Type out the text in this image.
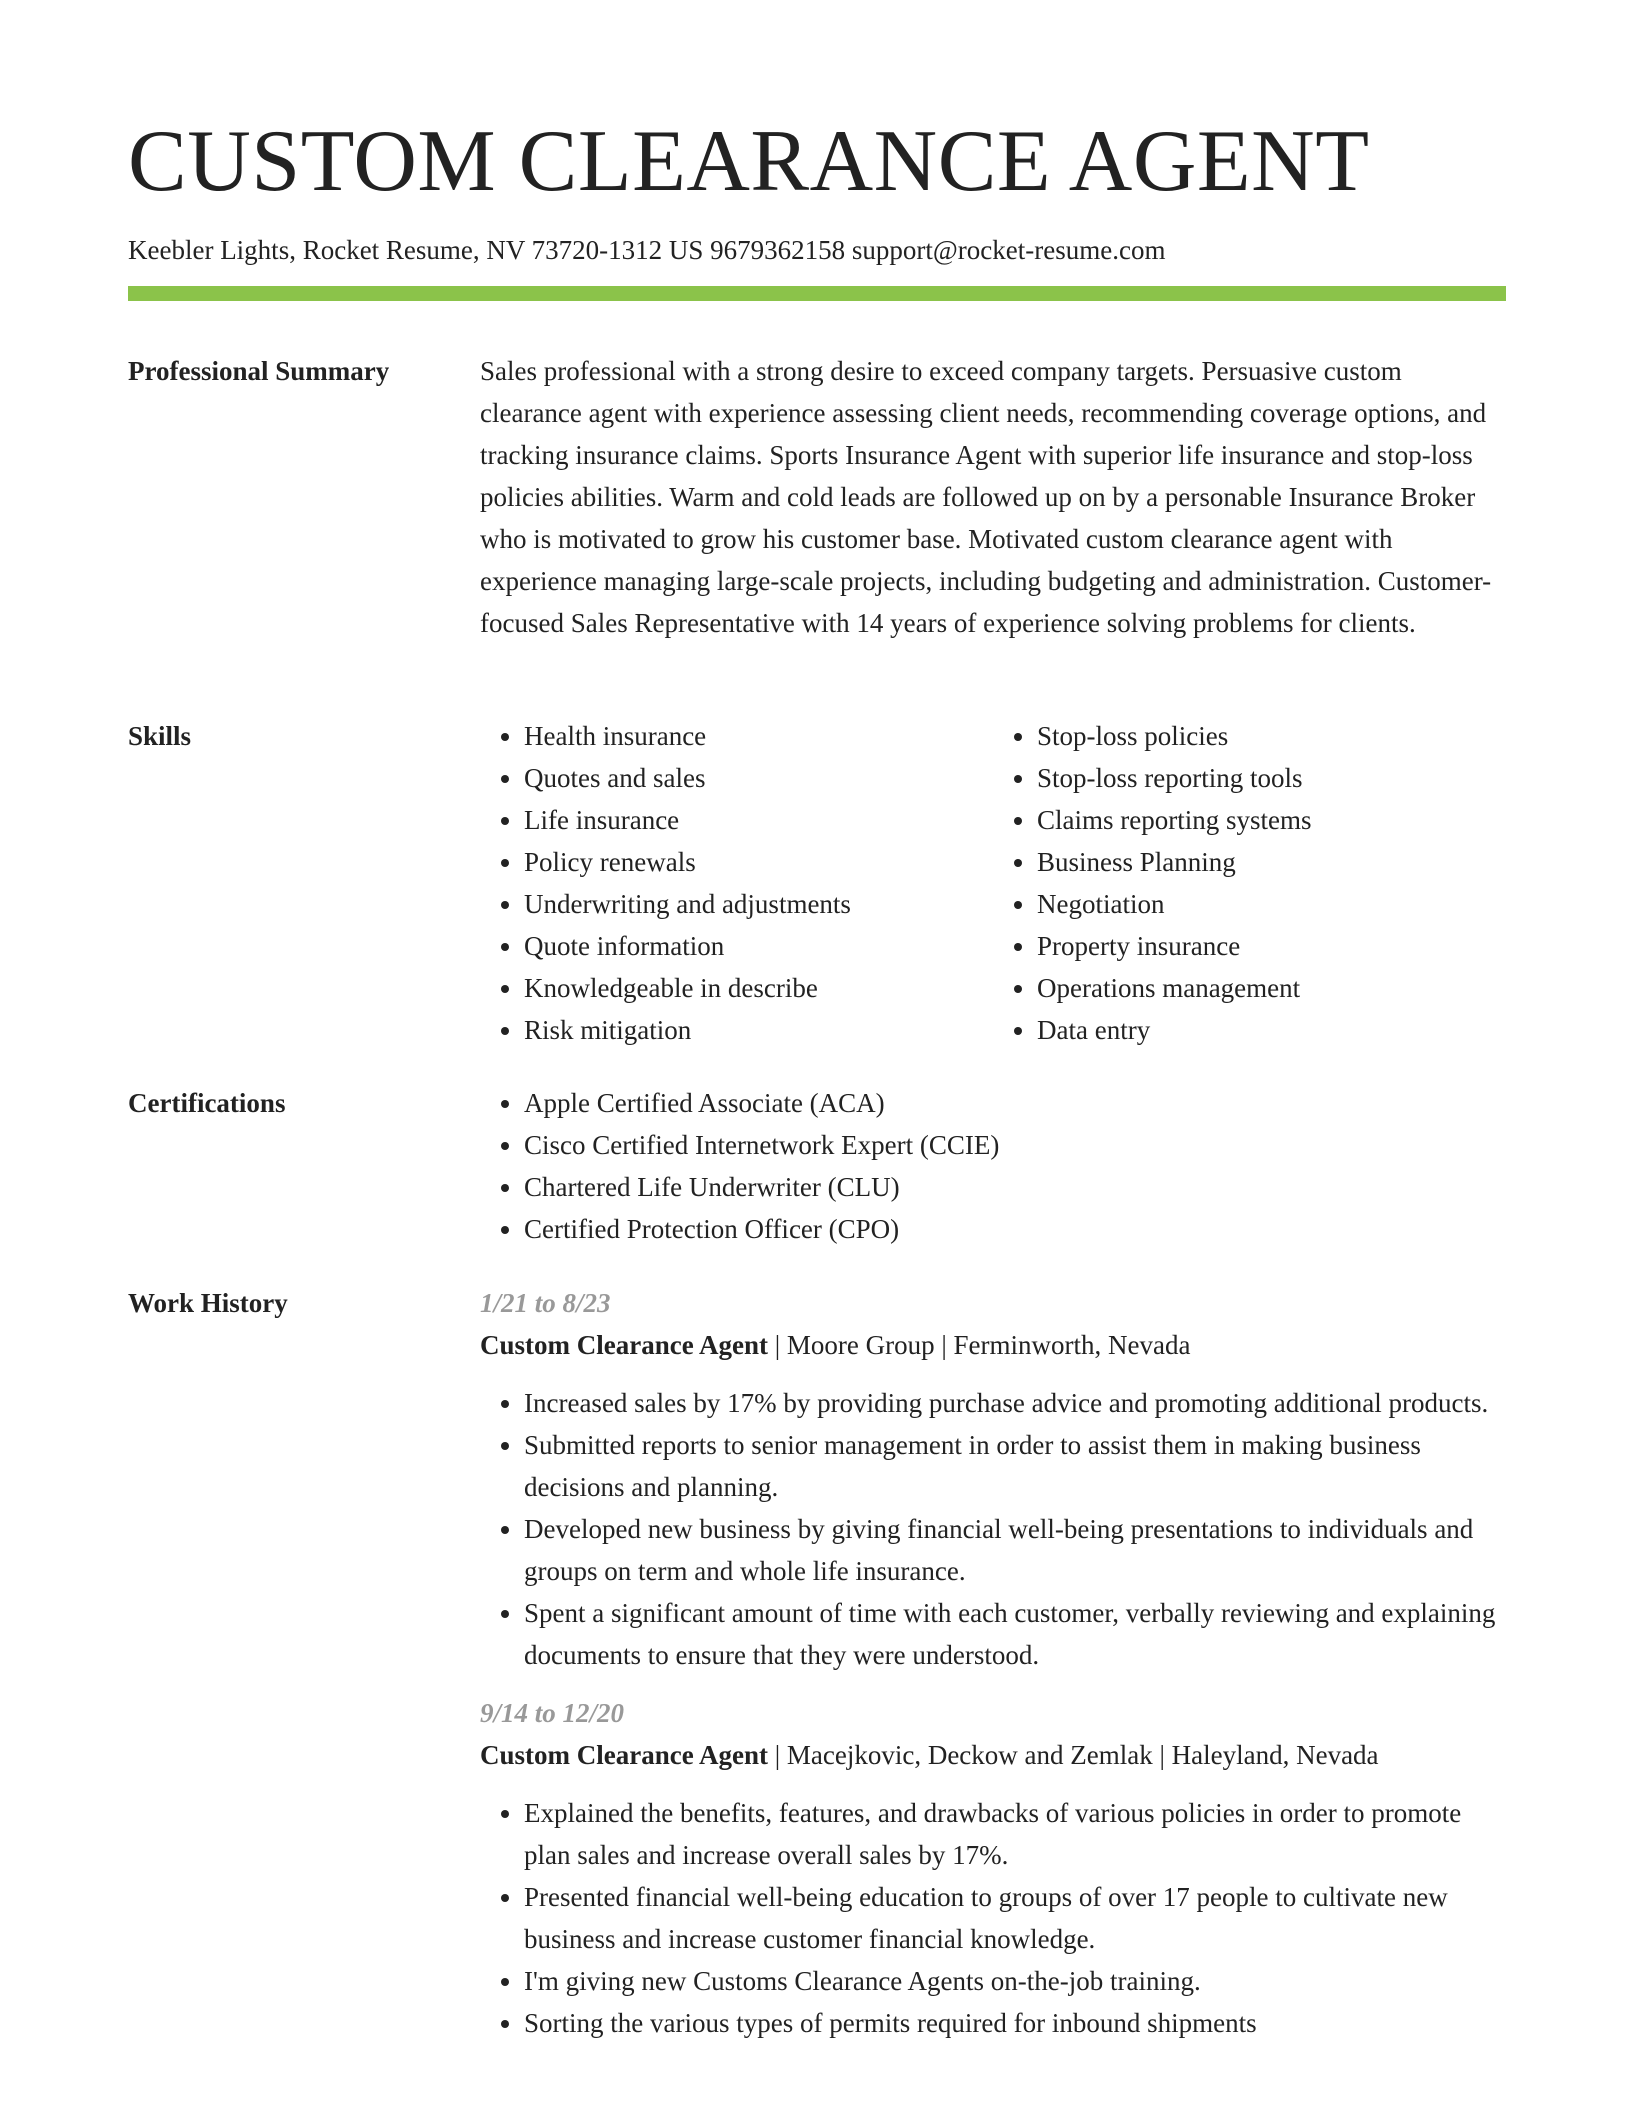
CUSTOM CLEARANCE AGENT
Keebler Lights, Rocket Resume, NV 73720-1312 US 9679362158 support@rocket-resume.com
Professional Summary	Sales professional with a strong desire to exceed company targets. Persuasive custom clearance agent with experience assessing client needs, recommending coverage options, and tracking insurance claims. Sports Insurance Agent with superior life insurance and stop-loss policies abilities. Warm and cold leads are followed up on by a personable Insurance Broker who is motivated to grow his customer base. Motivated custom clearance agent with experience managing large-scale projects, including budgeting and administration. Customer-focused Sales Representative with 14 years of experience solving problems for clients.

Skills	• Health insurance
• Quotes and sales
• Life insurance
• Policy renewals
• Underwriting and adjustments
• Quote information
• Knowledgeable in describe
• Risk mitigation
• Stop-loss policies
• Stop-loss reporting tools
• Claims reporting systems
• Business Planning
• Negotiation
• Property insurance
• Operations management
• Data entry
Certifications	• Apple Certified Associate (ACA)
• Cisco Certified Internetwork Expert (CCIE)
• Chartered Life Underwriter (CLU)
• Certified Protection Officer (CPO)
Work History	1/21 to 8/23
Custom Clearance Agent | Moore Group | Ferminworth, Nevada
• Increased sales by 17% by providing purchase advice and promoting additional products.
• Submitted reports to senior management in order to assist them in making business decisions and planning.
• Developed new business by giving financial well-being presentations to individuals and groups on term and whole life insurance.
• Spent a significant amount of time with each customer, verbally reviewing and explaining documents to ensure that they were understood.
9/14 to 12/20
Custom Clearance Agent | Macejkovic, Deckow and Zemlak | Haleyland, Nevada
• Explained the benefits, features, and drawbacks of various policies in order to promote plan sales and increase overall sales by 17%.
• Presented financial well-being education to groups of over 17 people to cultivate new business and increase customer financial knowledge.
• I'm giving new Customs Clearance Agents on-the-job training.
• Sorting the various types of permits required for inbound shipments
